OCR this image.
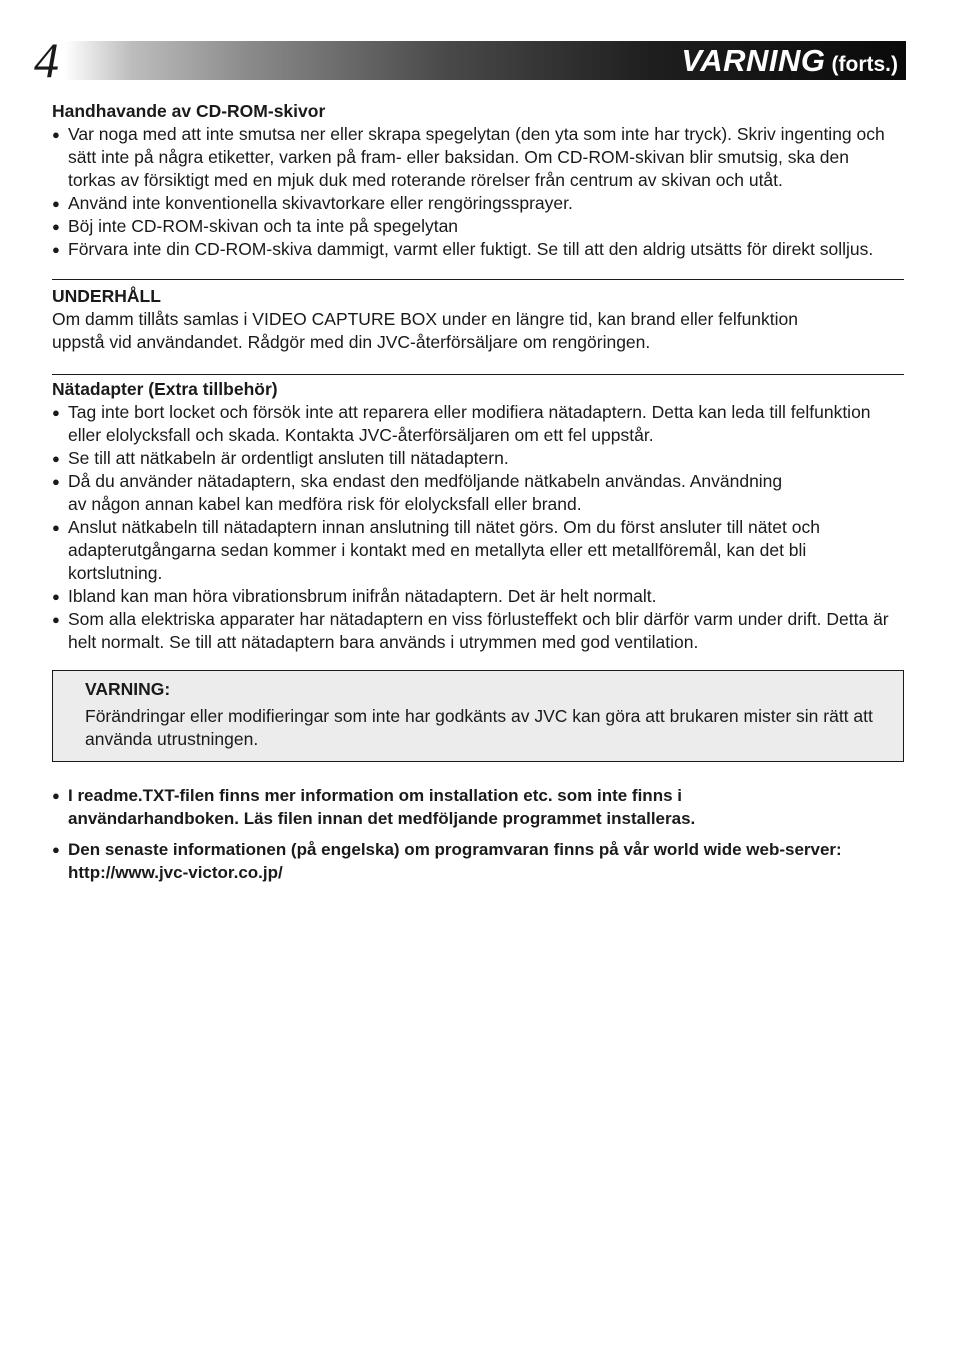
4	VARNING (forts.)
Handhavande av CD-ROM-skivor
● Var noga med att inte smutsa ner eller skrapa spegelytan (den yta som inte har tryck). Skriv ingenting och sätt inte på några etiketter, varken på fram- eller baksidan. Om CD-ROM-skivan blir smutsig, ska den torkas av försiktigt med en mjuk duk med roterande rörelser från centrum av skivan och utåt.
● Använd inte konventionella skivavtorkare eller rengöringssprayer.
● Böj inte CD-ROM-skivan och ta inte på spegelytan
● Förvara inte din CD-ROM-skiva dammigt, varmt eller fuktigt. Se till att den aldrig utsätts för direkt solljus.
UNDERHÅLL

Om damm tillåts samlas i VIDEO CAPTURE BOX under en längre tid, kan brand eller felfunktion uppstå vid användandet. Rådgör med din JVC-återförsäljare om rengöringen.

Nätadapter (Extra tillbehör)
● Tag inte bort locket och försök inte att reparera eller modifiera nätadaptern. Detta kan leda till felfunktion eller elolycksfall och skada. Kontakta JVC-återförsäljaren om ett fel uppstår.
● Se till att nätkabeln är ordentligt ansluten till nätadaptern.
● Då du använder nätadaptern, ska endast den medföljande nätkabeln användas. Användning av någon annan kabel kan medföra risk för elolycksfall eller brand.
● Anslut nätkabeln till nätadaptern innan anslutning till nätet görs. Om du först ansluter till nätet och adapterutgångarna sedan kommer i kontakt med en metallyta eller ett metallföremål, kan det bli kortslutning.
● Ibland kan man höra vibrationsbrum inifrån nätadaptern. Det är helt normalt.
● Som alla elektriska apparater har nätadaptern en viss förlusteffekt och blir därför varm under drift. Detta är helt normalt. Se till att nätadaptern bara används i utrymmen med god ventilation.
VARNING:

Förändringar eller modifieringar som inte har godkänts av JVC kan göra att brukaren mister sin rätt att använda utrustningen.

● I readme.TXT-filen finns mer information om installation etc. som inte finns i användarhandboken. Läs filen innan det medföljande programmet installeras.
● Den senaste informationen (på engelska) om programvaran finns på vår world wide web-server: http://www.jvc-victor.co.jp/
